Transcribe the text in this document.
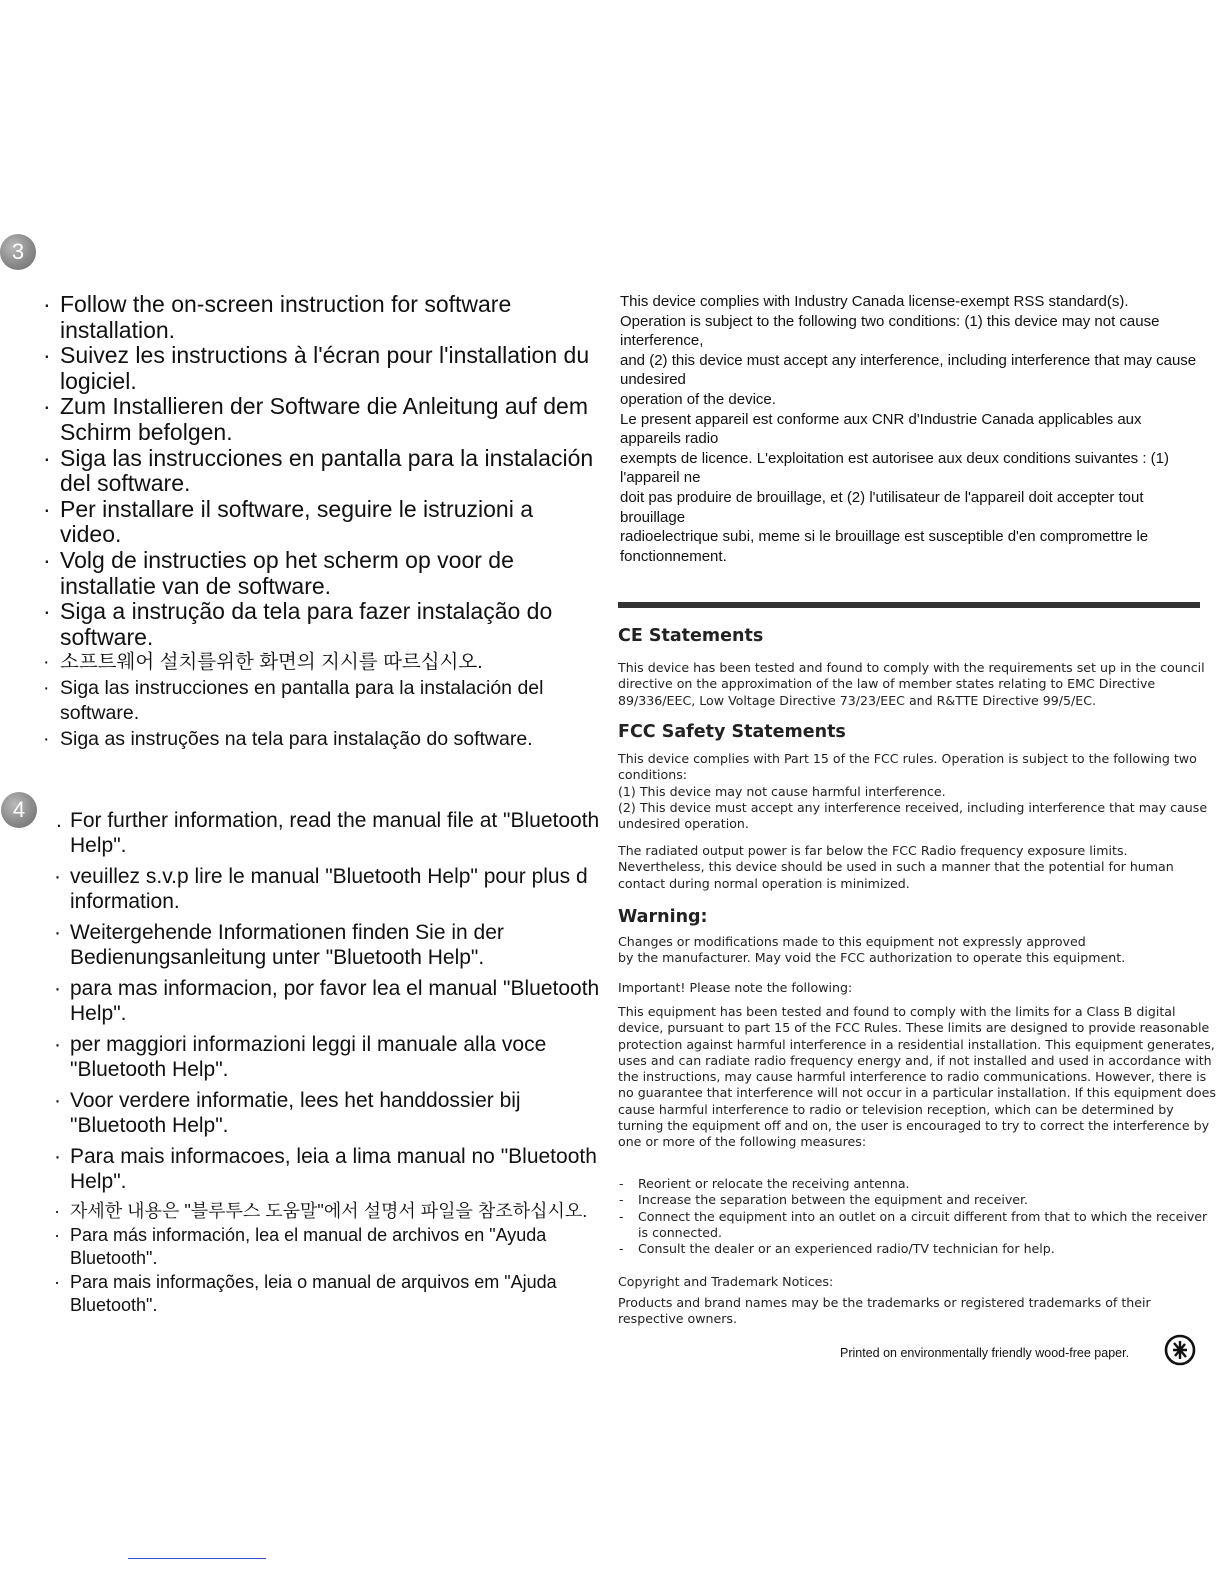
3
· Follow the on-screen instruction for software installation.
· Suivez les instructions à l'écran pour l'installation du logiciel.
· Zum Installieren der Software die Anleitung auf dem Schirm befolgen.
· Siga las instrucciones en pantalla para la instalación del software.
· Per installare il software, seguire le istruzioni a video.
· Volg de instructies op het scherm op voor de installatie van de software.
· Siga a instrução da tela para fazer instalação do software.
· 소프트웨어 설치를위한 화면의 지시를 따르십시오.
· Siga las instrucciones en pantalla para la instalación del software.
· Siga as instruções na tela para instalação do software.
4
.	For further information, read the manual file at "Bluetooth Help".
· veuillez s.v.p lire le manual "Bluetooth Help" pour plus d information.
· Weitergehende Informationen finden Sie in der Bedienungsanleitung unter "Bluetooth Help".
· para mas informacion, por favor lea el manual "Bluetooth Help".
· per maggiori informazioni leggi il manuale alla voce "Bluetooth Help".
· Voor verdere informatie, lees het handdossier bij "Bluetooth Help".
· Para mais informacoes, leia a lima manual no "Bluetooth Help".
· 자세한 내용은 "블루투스 도움말"에서 설명서 파일을 참조하십시오.
· Para más información, lea el manual de archivos en "Ayuda Bluetooth".
· Para mais informações, leia o manual de arquivos em "Ajuda Bluetooth".

This device complies with Industry Canada license-exempt RSS standard(s).

Operation is subject to the following two conditions: (1) this device may not cause interference,

and (2) this device must accept any interference, including interference that may cause undesired

operation of the device.

Le present appareil est conforme aux CNR d'Industrie Canada applicables aux appareils radio

exempts de licence. L'exploitation est autorisee aux deux conditions suivantes : (1) l'appareil ne

doit pas produire de brouillage, et (2) l'utilisateur de l'appareil doit accepter tout brouillage

radioelectrique subi, meme si le brouillage est susceptible d'en compromettre le fonctionnement.

CE Statements

This device has been tested and found to comply with the requirements set up in the council directive on the approximation of the law of member states relating to EMC Directive 89/336/EEC, Low Voltage Directive 73/23/EEC and R&TTE Directive 99/5/EC.

FCC Safety Statements

This device complies with Part 15 of the FCC rules. Operation is subject to the following two conditions:

(1) This device may not cause harmful interference.

(2) This device must accept any interference received, including interference that may cause undesired operation.

The radiated output power is far below the FCC Radio frequency exposure limits. Nevertheless, this device should be used in such a manner that the potential for human contact during normal operation is minimized.

Warning:

Changes or modifications made to this equipment not expressly approved

by the manufacturer. May void the FCC authorization to operate this equipment.

Important! Please note the following:

This equipment has been tested and found to comply with the limits for a Class B digital device, pursuant to part 15 of the FCC Rules. These limits are designed to provide reasonable protection against harmful interference in a residential installation. This equipment generates, uses and can radiate radio frequency energy and, if not installed and used in accordance with the instructions, may cause harmful interference to radio communications. However, there is no guarantee that interference will not occur in a particular installation. If this equipment does cause harmful interference to radio or television reception, which can be determined by turning the equipment off and on, the user is encouraged to try to correct the interference by one or more of the following measures:

- Reorient or relocate the receiving antenna.
- Increase the separation between the equipment and receiver.
- Connect the equipment into an outlet on a circuit different from that to which the receiver is connected.
- Consult the dealer or an experienced radio/TV technician for help.

Copyright and Trademark Notices:

Products and brand names may be the trademarks or registered trademarks of their respective owners.

Printed on environmentally friendly wood-free paper.
